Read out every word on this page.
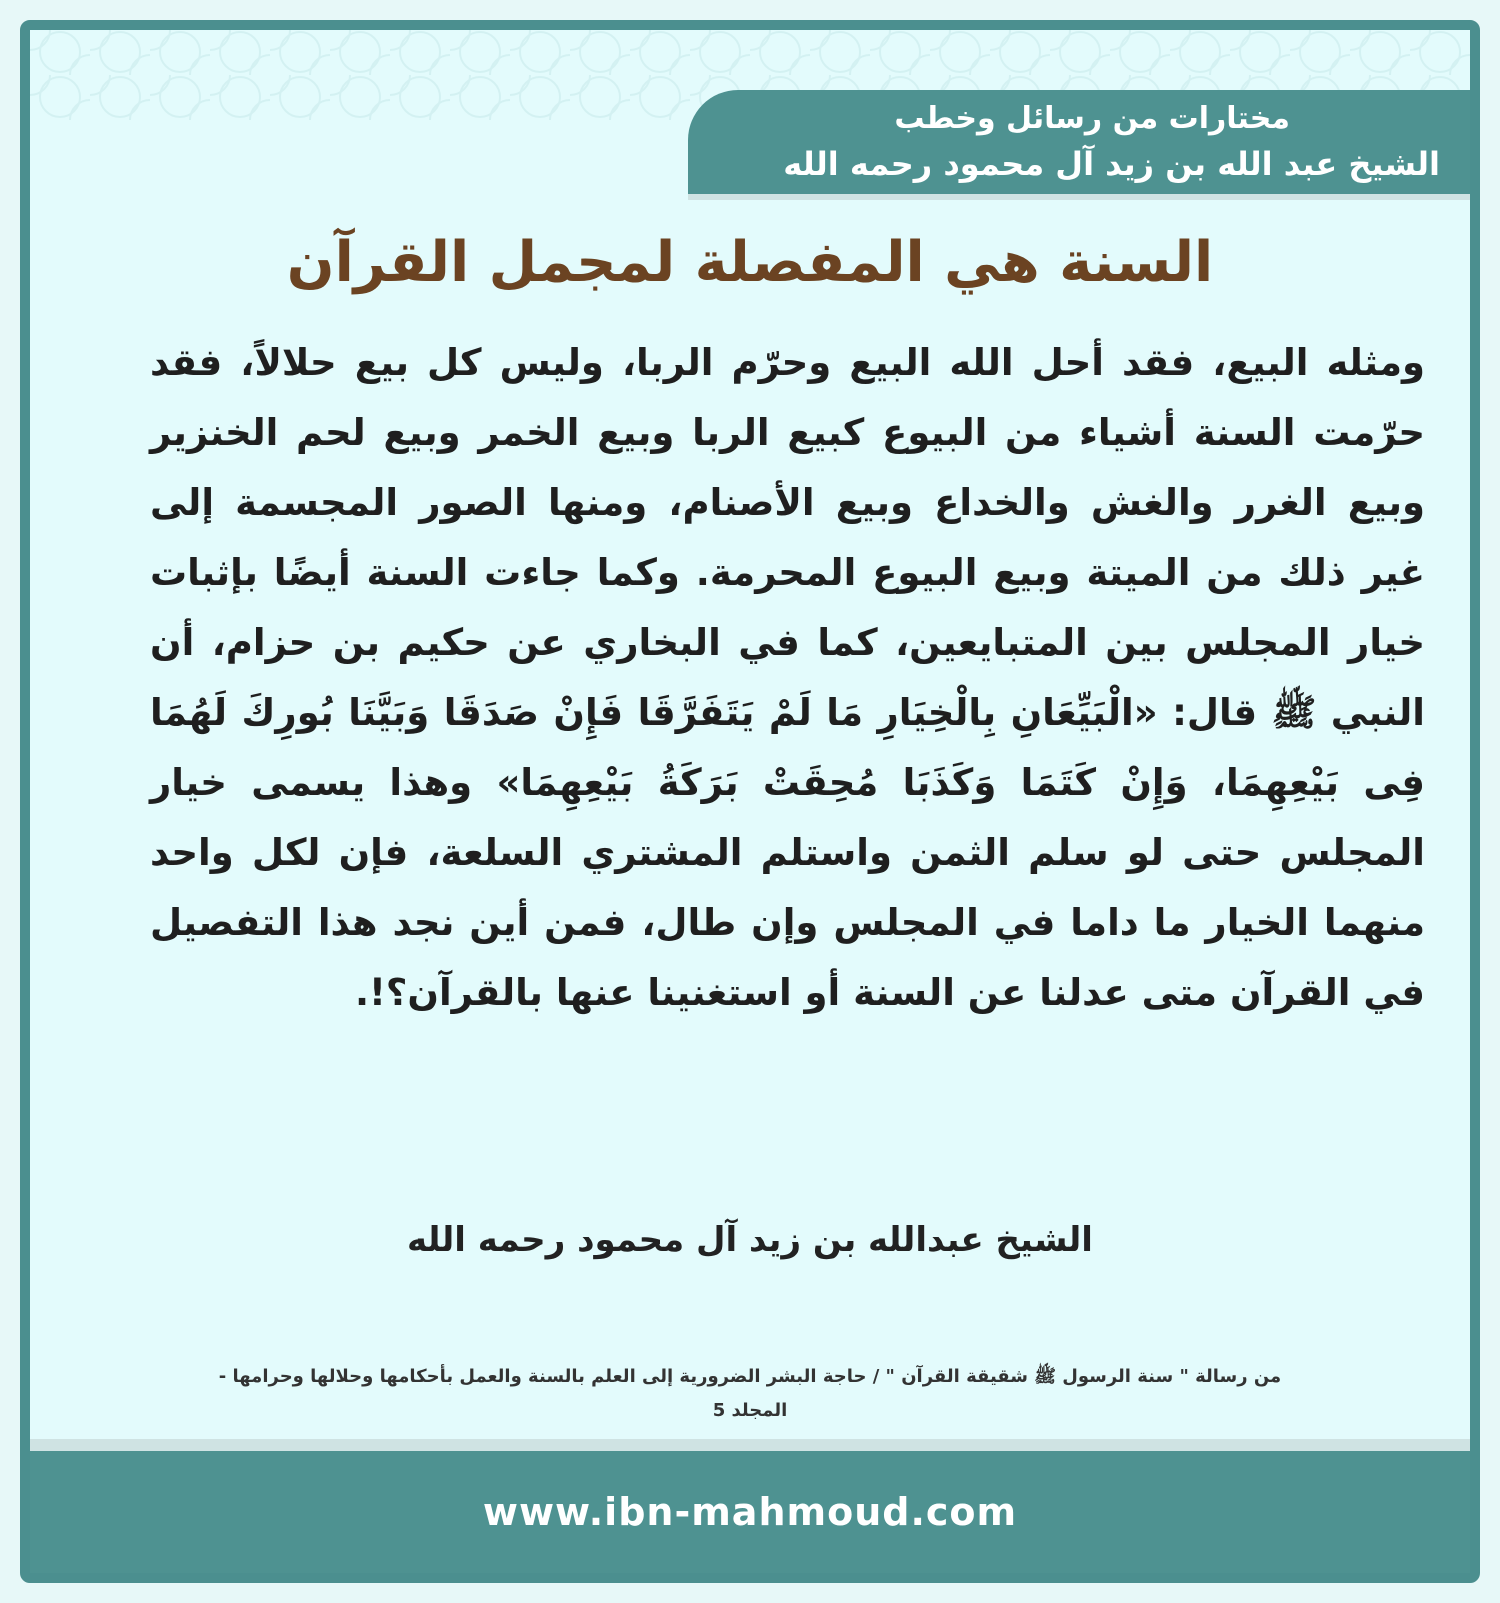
مختارات من رسائل وخطب
الشيخ عبد الله بن زيد آل محمود رحمه الله
السنة هي المفصلة لمجمل القرآن
ومثله البيع، فقد أحل الله البيع وحرّم الربا، وليس كل بيع حلالاً، فقد حرّمت السنة أشياء من البيوع كبيع الربا وبيع الخمر وبيع لحم الخنزير وبيع الغرر والغش والخداع وبيع الأصنام، ومنها الصور المجسمة إلى غير ذلك من الميتة وبيع البيوع المحرمة. وكما جاءت السنة أيضًا بإثبات خيار المجلس بين المتبايعين، كما في البخاري عن حكيم بن حزام، أن النبي ﷺ قال: «الْبَيِّعَانِ بِالْخِيَارِ مَا لَمْ يَتَفَرَّقَا فَإِنْ صَدَقَا وَبَيَّنَا بُورِكَ لَهُمَا فِى بَيْعِهِمَا، وَإِنْ كَتَمَا وَكَذَبَا مُحِقَتْ بَرَكَةُ بَيْعِهِمَا» وهذا يسمى خيار المجلس حتى لو سلم الثمن واستلم المشتري السلعة، فإن لكل واحد منهما الخيار ما داما في المجلس وإن طال، فمن أين نجد هذا التفصيل في القرآن متى عدلنا عن السنة أو استغنينا عنها بالقرآن؟!.
الشيخ عبدالله بن زيد آل محمود رحمه الله
من رسالة " سنة الرسول ﷺ شقيقة القرآن " / حاجة البشر الضرورية إلى العلم بالسنة والعمل بأحكامها وحلالها وحرامها -
المجلد 5
www.ibn-mahmoud.com
